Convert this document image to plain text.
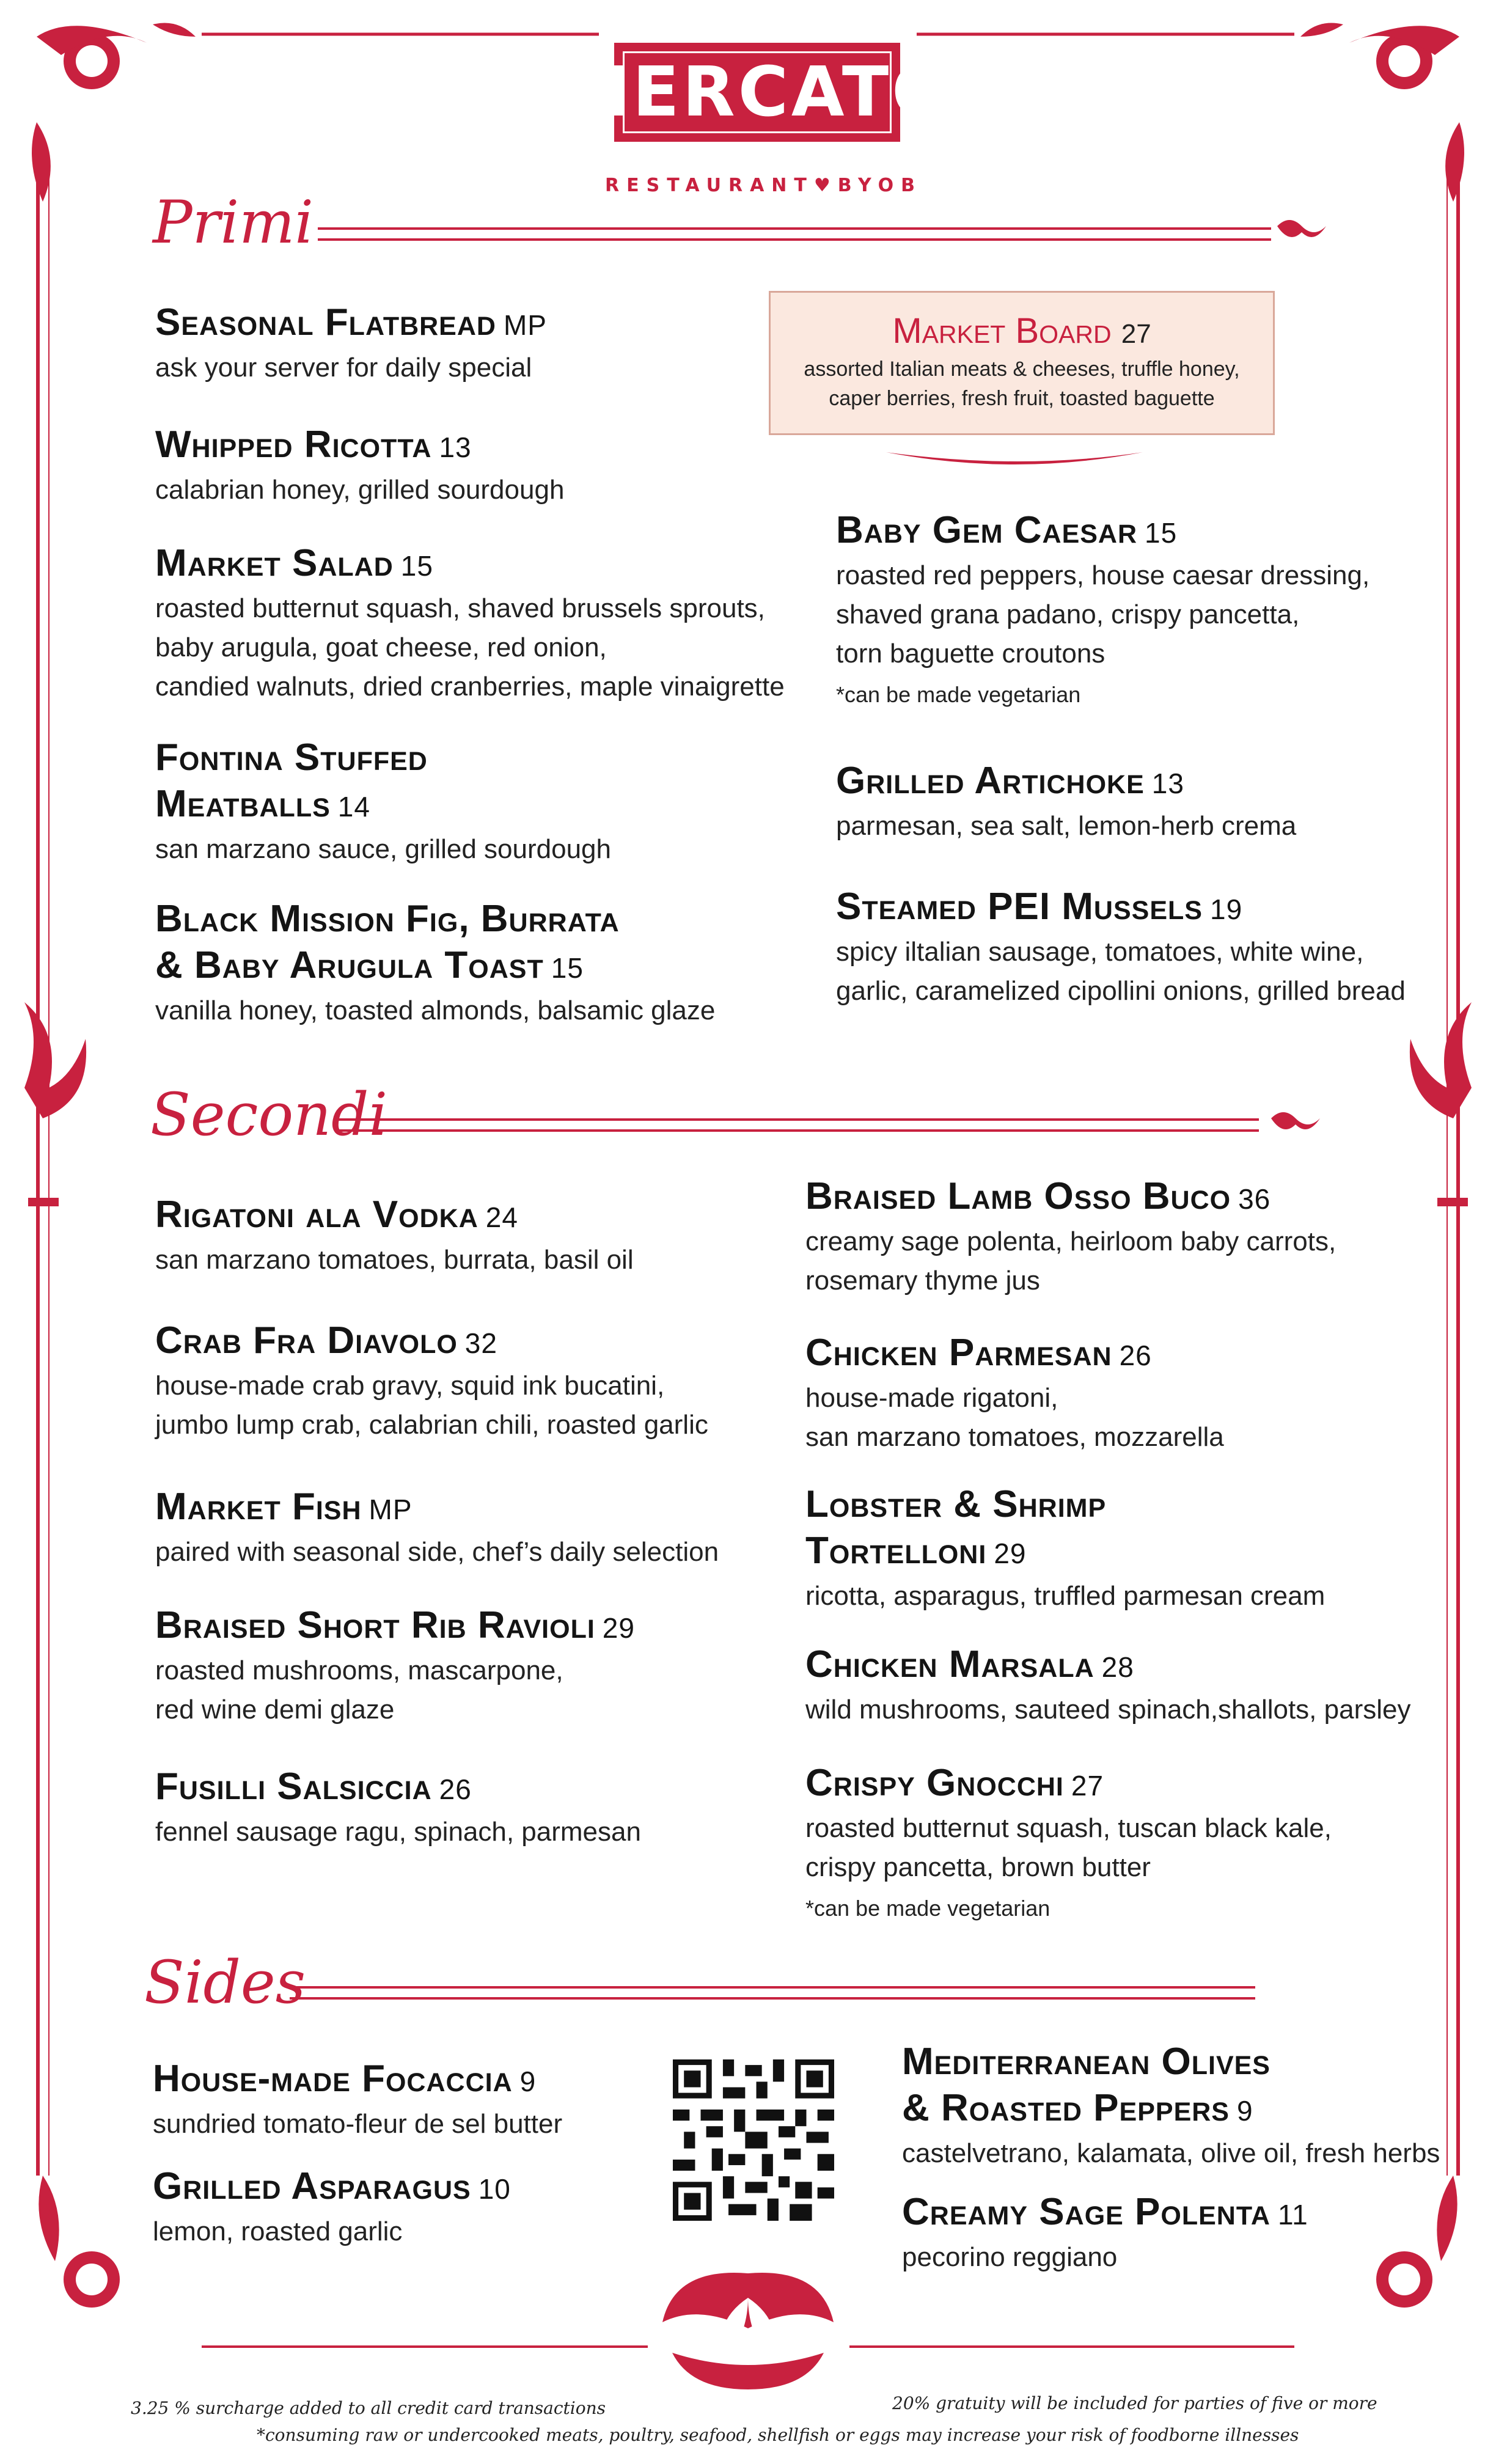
MERCATO
RESTAURANT♥BYOB
Primi
Seasonal Flatbread MP
ask your server for daily special
Whipped Ricotta 13
calabrian honey, grilled sourdough
Market Salad 15
roasted butternut squash, shaved brussels sprouts,
baby arugula, goat cheese, red onion,
candied walnuts, dried cranberries, maple vinaigrette
Fontina Stuffed
Meatballs 14
san marzano sauce, grilled sourdough
Black Mission Fig, Burrata
& Baby Arugula Toast 15
vanilla honey, toasted almonds, balsamic glaze
Market Board 27
assorted Italian meats & cheeses, truffle honey,
caper berries, fresh fruit, toasted baguette
Baby Gem Caesar 15
roasted red peppers, house caesar dressing,
shaved grana padano, crispy pancetta,
torn baguette croutons
*can be made vegetarian
Grilled Artichoke 13
parmesan, sea salt, lemon-herb crema
Steamed PEI Mussels 19
spicy iltalian sausage, tomatoes, white wine,
garlic, caramelized cipollini onions, grilled bread
Secondi
Rigatoni ala Vodka 24
san marzano tomatoes, burrata, basil oil
Crab Fra Diavolo 32
house-made crab gravy, squid ink bucatini,
jumbo lump crab, calabrian chili, roasted garlic
Market Fish MP
paired with seasonal side, chef’s daily selection
Braised Short Rib Ravioli 29
roasted mushrooms, mascarpone,
red wine demi glaze
Fusilli Salsiccia 26
fennel sausage ragu, spinach, parmesan
Braised Lamb Osso Buco 36
creamy sage polenta, heirloom baby carrots,
rosemary thyme jus
Chicken Parmesan 26
house-made rigatoni,
san marzano tomatoes, mozzarella
Lobster & Shrimp
Tortelloni 29
ricotta, asparagus, truffled parmesan cream
Chicken Marsala 28
wild mushrooms, sauteed spinach,shallots, parsley
Crispy Gnocchi 27
roasted butternut squash, tuscan black kale,
crispy pancetta, brown butter
*can be made vegetarian
Sides
House-made Focaccia 9
sundried tomato-fleur de sel butter
Grilled Asparagus 10
lemon, roasted garlic
Mediterranean Olives
& Roasted Peppers 9
castelvetrano, kalamata, olive oil, fresh herbs
Creamy Sage Polenta 11
pecorino reggiano
3.25 % surcharge added to all credit card transactions	20% gratuity will be included for parties of five or more
*consuming raw or undercooked meats, poultry, seafood, shellfish or eggs may increase your risk of foodborne illnesses
